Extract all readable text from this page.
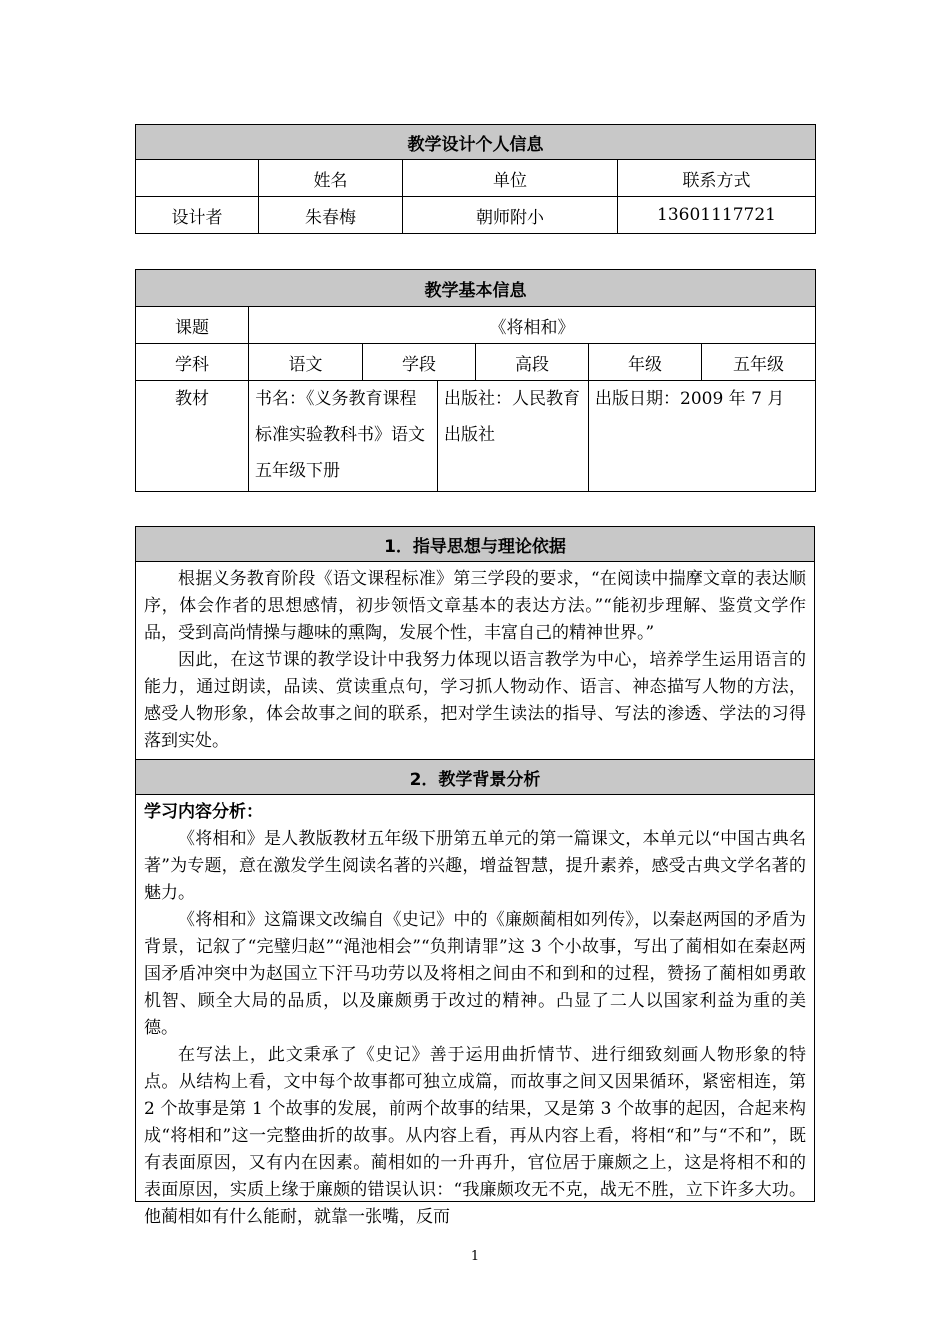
教学设计个人信息			
	姓名	单位	联系方式
设计者	朱春梅	朝师附小	13601117721
教学基本信息						
课题	《将相和》					
学科	语文	学段		高段	年级	五年级
教材	书名：《义务教育课程标准实验教科书》语文五年级下册		出版社：人民教育出版社		出版日期：2009 年 7 月	
1．指导思想与理论依据

根据义务教育阶段《语文课程标准》第三学段的要求，“在阅读中揣摩文章的表达顺序，体会作者的思想感情，初步领悟文章基本的表达方法。”“能初步理解、鉴赏文学作品，受到高尚情操与趣味的熏陶，发展个性，丰富自己的精神世界。”

因此，在这节课的教学设计中我努力体现以语言教学为中心，培养学生运用语言的能力，通过朗读，品读、赏读重点句，学习抓人物动作、语言、神态描写人物的方法，感受人物形象，体会故事之间的联系，把对学生读法的指导、写法的渗透、学法的习得落到实处。

2．教学背景分析

学习内容分析：

《将相和》是人教版教材五年级下册第五单元的第一篇课文，本单元以“中国古典名著”为专题，意在激发学生阅读名著的兴趣，增益智慧，提升素养，感受古典文学名著的魅力。

《将相和》这篇课文改编自《史记》中的《廉颇蔺相如列传》，以秦赵两国的矛盾为背景，记叙了“完璧归赵”“渑池相会”“负荆请罪”这 3 个小故事，写出了蔺相如在秦赵两国矛盾冲突中为赵国立下汗马功劳以及将相之间由不和到和的过程，赞扬了蔺相如勇敢机智、顾全大局的品质，以及廉颇勇于改过的精神。凸显了二人以国家利益为重的美德。

在写法上，此文秉承了《史记》善于运用曲折情节、进行细致刻画人物形象的特点。从结构上看，文中每个故事都可独立成篇，而故事之间又因果循环，紧密相连，第 2 个故事是第 1 个故事的发展，前两个故事的结果，又是第 3 个故事的起因，合起来构成“将相和”这一完整曲折的故事。从内容上看，再从内容上看，将相“和”与“不和”，既有表面原因，又有内在因素。蔺相如的一升再升，官位居于廉颇之上，这是将相不和的表面原因，实质上缘于廉颇的错误认识：“我廉颇攻无不克，战无不胜，立下许多大功。他蔺相如有什么能耐，就靠一张嘴，反而

1
